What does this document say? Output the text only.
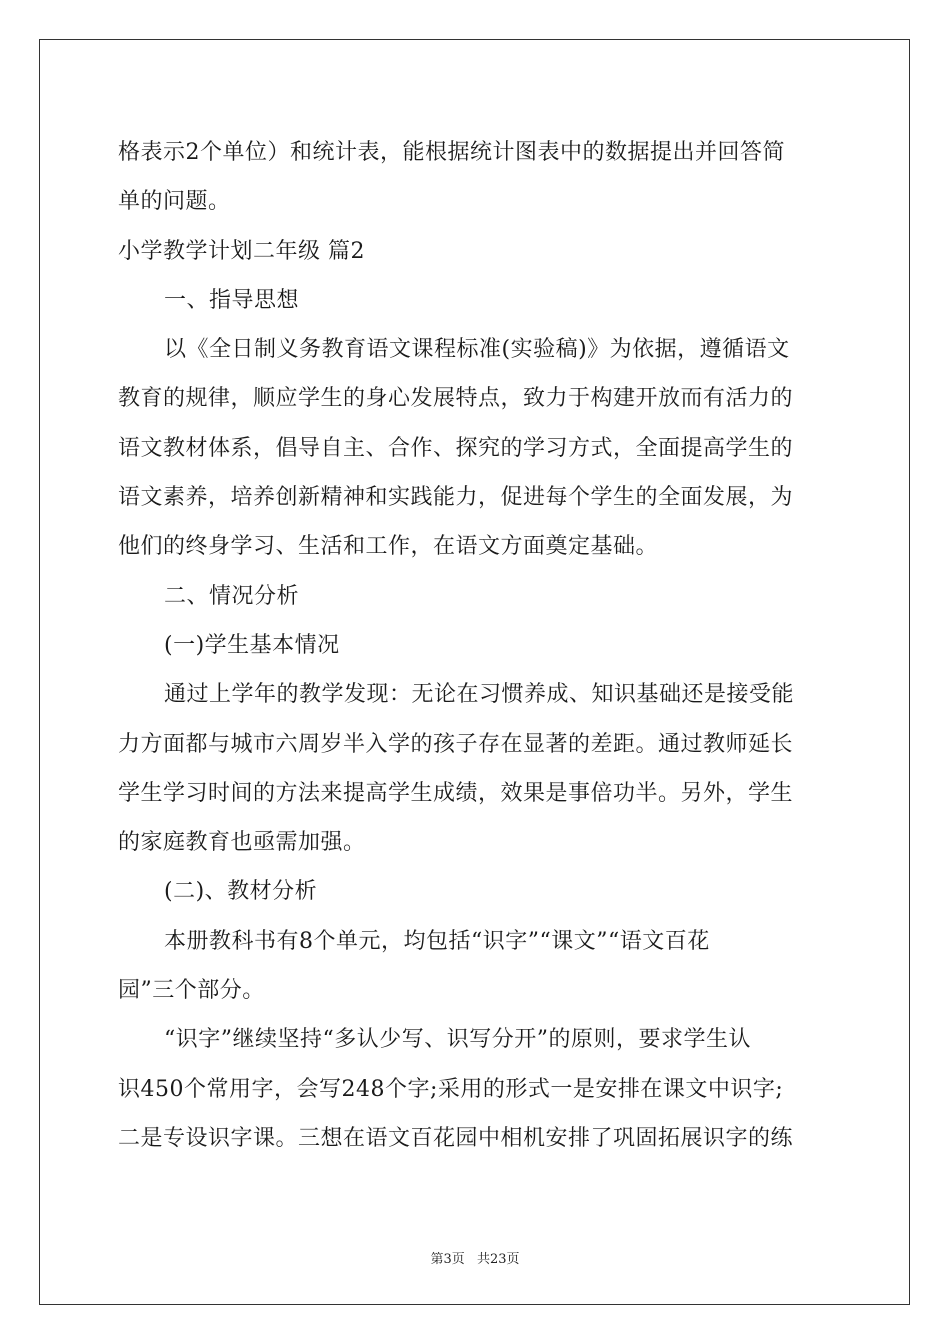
格表示2个单位）和统计表，能根据统计图表中的数据提出并回答简
单的问题。
小学教学计划二年级 篇2
一、指导思想
以《全日制义务教育语文课程标准(实验稿)》为依据，遵循语文
教育的规律，顺应学生的身心发展特点，致力于构建开放而有活力的
语文教材体系，倡导自主、合作、探究的学习方式，全面提高学生的
语文素养，培养创新精神和实践能力，促进每个学生的全面发展，为
他们的终身学习、生活和工作，在语文方面奠定基础。
二、情况分析
(一)学生基本情况
通过上学年的教学发现：无论在习惯养成、知识基础还是接受能
力方面都与城市六周岁半入学的孩子存在显著的差距。通过教师延长
学生学习时间的方法来提高学生成绩，效果是事倍功半。另外，学生
的家庭教育也亟需加强。
(二)、教材分析
本册教科书有8个单元，均包括“识字”“课文”“语文百花
园”三个部分。
“识字”继续坚持“多认少写、识写分开”的原则，要求学生认
识450个常用字，会写248个字;采用的形式一是安排在课文中识字;
二是专设识字课。三想在语文百花园中相机安排了巩固拓展识字的练
第3页 共23页
